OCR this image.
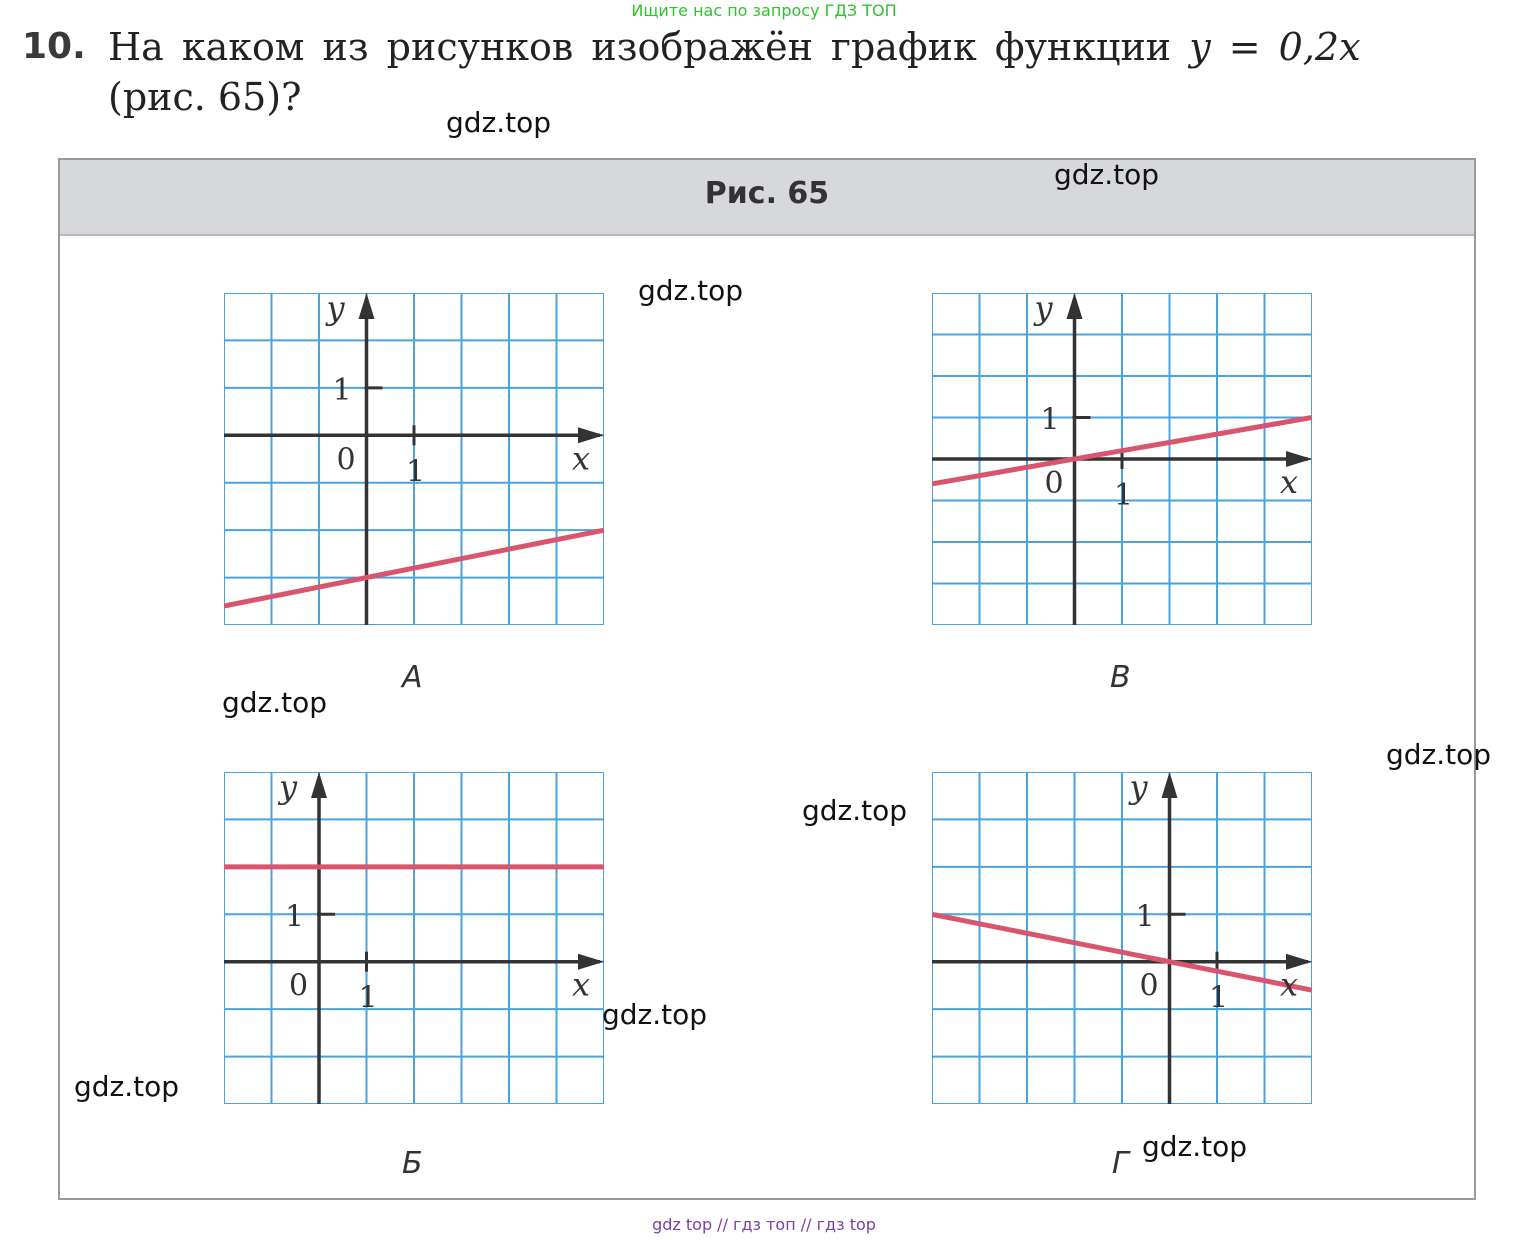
Ищите нас по запросу ГДЗ ТОП
10. На каком из рисунков изображён график функции y = 0,2x
(рис. 65)?
Рис. 65
y
x
0 1
1
А
y
x
0 1
1
В
y
x
0 1
1
Б
y
x
0 1
1
Г
gdz.top
gdz.top
gdz.top
gdz.top
gdz.top
gdz.top
gdz.top
gdz.top
gdz.top
gdz top // гдз топ // гдз top
